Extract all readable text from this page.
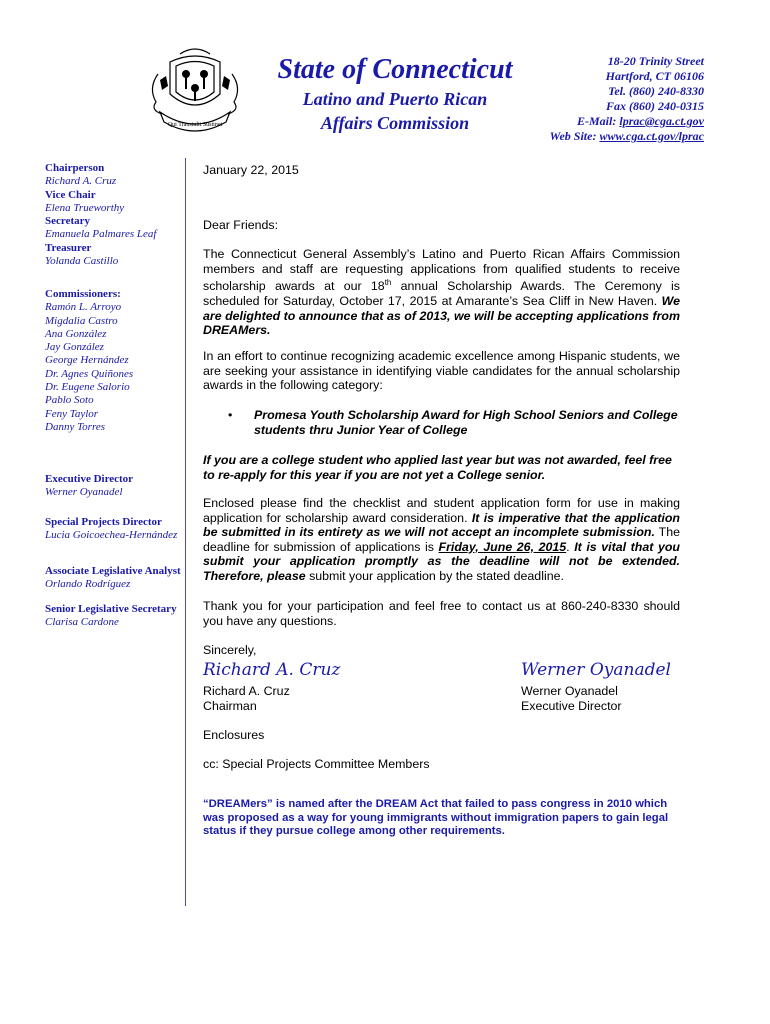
Qui Transtulit Sustinet
State of Connecticut
Latino and Puerto Rican
Affairs Commission
18-20 Trinity Street
Hartford, CT 06106
Tel. (860) 240-8330
Fax (860) 240-0315
E-Mail: lprac@cga.ct.gov
Web Site: www.cga.ct.gov/lprac
Chairperson
Richard A. Cruz
Vice Chair
Elena Trueworthy
Secretary
Emanuela Palmares Leaf
Treasurer
Yolanda Castillo
Commissioners:
Ramón L. Arroyo
Migdalia Castro
Ana González
Jay González
George Hernández
Dr. Agnes Quiñones
Dr. Eugene Salorio
Pablo Soto
Feny Taylor
Danny Torres
Executive Director
Werner Oyanadel
Special Projects Director
Lucia Goicoechea-Hernández
Associate Legislative Analyst
Orlando Rodríguez
Senior Legislative Secretary
Clarisa Cardone
January 22, 2015
Dear Friends:
The Connecticut General Assembly’s Latino and Puerto Rican Affairs Commission members and staff are requesting applications from qualified students to receive scholarship awards at our 18th annual Scholarship Awards. The Ceremony is scheduled for Saturday, October 17, 2015 at Amarante’s Sea Cliff in New Haven. We are delighted to announce that as of 2013, we will be accepting applications from DREAMers.
In an effort to continue recognizing academic excellence among Hispanic students, we are seeking your assistance in identifying viable candidates for the annual scholarship awards in the following category:
•	Promesa Youth Scholarship Award for High School Seniors and College students thru Junior Year of College
If you are a college student who applied last year but was not awarded, feel free to re-apply for this year if you are not yet a College senior.
Enclosed please find the checklist and student application form for use in making application for scholarship award consideration. It is imperative that the application be submitted in its entirety as we will not accept an incomplete submission. The deadline for submission of applications is Friday, June 26, 2015. It is vital that you submit your application promptly as the deadline will not be extended. Therefore, please submit your application by the stated deadline.
Thank you for your participation and feel free to contact us at 860-240-8330 should you have any questions.
Sincerely,
Richard A. Cruz	Werner Oyanadel
Richard A. Cruz
Chairman
Werner Oyanadel
Executive Director
Enclosures
cc: Special Projects Committee Members
“DREAMers” is named after the DREAM Act that failed to pass congress in 2010 which was proposed as a way for young immigrants without immigration papers to gain legal status if they pursue college among other requirements.
